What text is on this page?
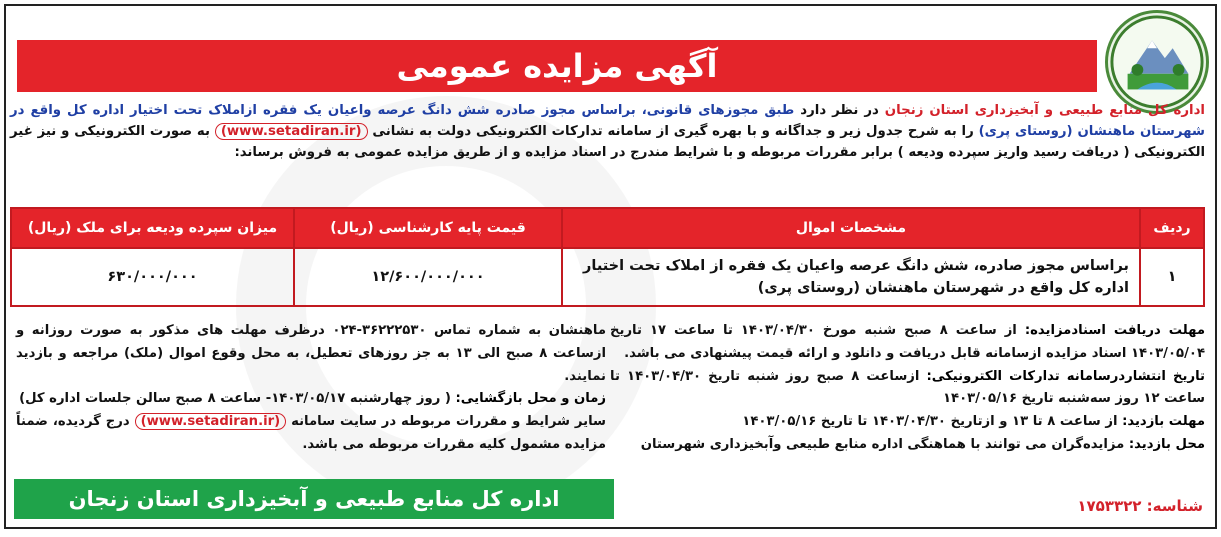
آگهی مزایده عمومی
اداره کل منابع طبیعی و آبخیزداری استان زنجان در نظر دارد طبق مجوزهای قانونی، براساس مجوز صادره شش دانگ عرصه واعیان یک فقره ازاملاک تحت اختیار اداره کل واقع در شهرستان ماهنشان (روستای پری) را به شرح جدول زیر و جداگانه و با بهره گیری از سامانه تدارکات الکترونیکی دولت به نشانی (www.setadiran.ir) به صورت الکترونیکی و نیز غیر الکترونیکی ( دریافت رسید واریز سپرده ودیعه ) برابر مقررات مربوطه و با شرایط مندرج در اسناد مزایده و از طریق مزایده عمومی به فروش برساند:
ردیف	مشخصات اموال	قیمت پایه کارشناسی (ریال)	میزان سپرده ودیعه برای ملک (ریال)
۱	براساس مجوز صادره، شش دانگ عرصه واعیان یک فقره از املاک تحت اختیار اداره کل واقع در شهرستان ماهنشان (روستای پری)	۱۲/۶۰۰/۰۰۰/۰۰۰	۶۳۰/۰۰۰/۰۰۰
مهلت دریافت اسنادمزایده: از ساعت ۸ صبح شنبه مورخ ۱۴۰۳/۰۴/۳۰ تا ساعت ۱۷ تاریخ ۱۴۰۳/۰۵/۰۴ اسناد مزایده ازسامانه قابل دریافت و دانلود و ارائه قیمت پیشنهادی می باشد.
تاریخ انتشاردرسامانه تدارکات الکترونیکی: ازساعت ۸ صبح روز شنبه تاریخ ۱۴۰۳/۰۴/۳۰ تا ساعت ۱۲ روز سه‌شنبه تاریخ ۱۴۰۳/۰۵/۱۶
مهلت بازدید: از ساعت ۸ تا ۱۳ و ازتاریخ ۱۴۰۳/۰۴/۳۰ تا تاریخ ۱۴۰۳/۰۵/۱۶
محل بازدید: مزایده‌گران می توانند با هماهنگی اداره منابع طبیعی وآبخیزداری شهرستان
ماهنشان به شماره تماس ۳۶۲۲۲۵۳۰-۰۲۴ درظرف مهلت های مذکور به صورت روزانه و ازساعت ۸ صبح الی ۱۳ به جز روزهای تعطیل، به محل وقوع اموال (ملک) مراجعه و بازدید نمایند.
زمان و محل بازگشایی: ( روز چهارشنبه ۱۴۰۳/۰۵/۱۷- ساعت ۸ صبح سالن جلسات اداره کل)
سایر شرایط و مقررات مربوطه در سایت سامانه (www.setadiran.ir) درج گردیده، ضمناً مزایده مشمول کلیه مقررات مربوطه می باشد.
اداره کل منابع طبیعی و آبخیزداری استان زنجان	شناسه: ۱۷۵۳۳۲۲
